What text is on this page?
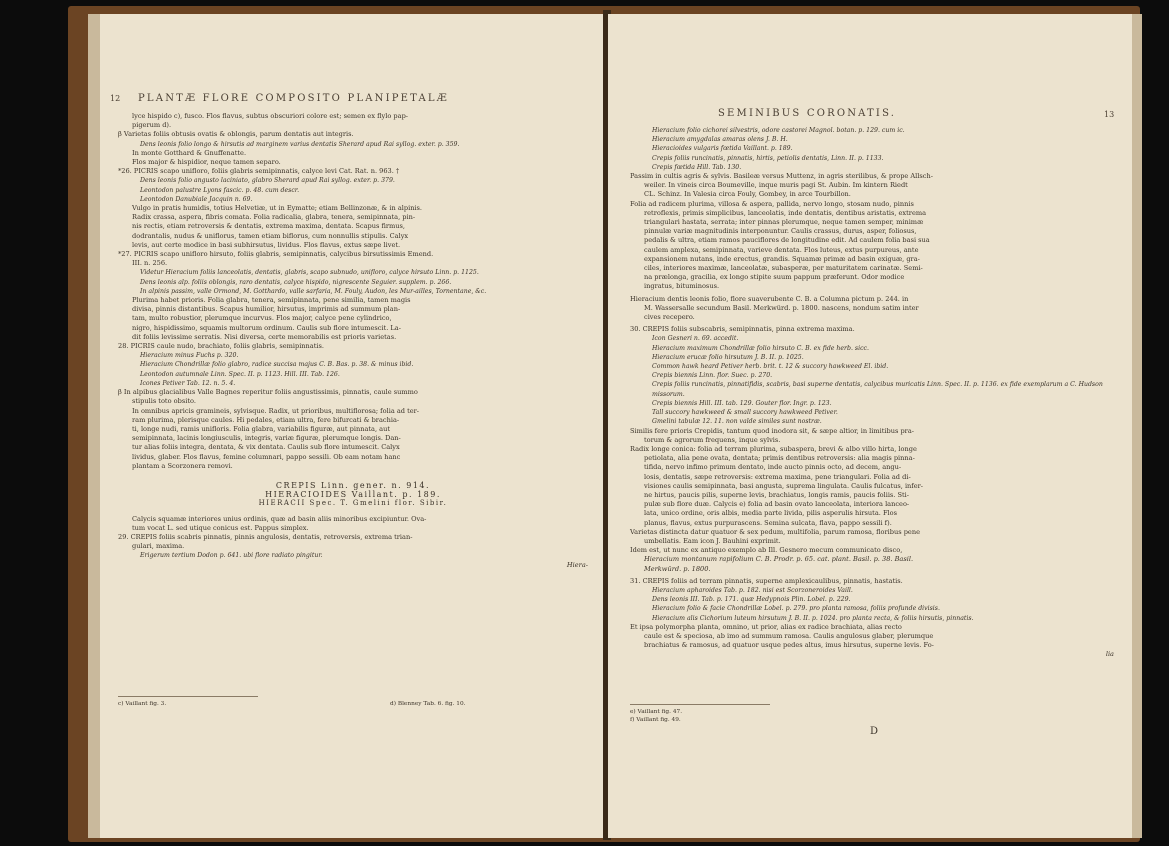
12 PLANTÆ FLORE COMPOSITO PLANIPETALÆ

lyce hispido c), fusco. Flos flavus, subtus obscuriori colore est; semen ex flylo pap-

pigerum d).

β Varietas foliis obtusis ovatis & oblongis, parum dentatis aut integris.

Dens leonis folio longo & hirsutis ad marginem varius dentatis Sherard apud Rai syllog. exter. p. 359.

In monte Gotthard & Gnuffenatte.

Flos major & hispidior, neque tamen separo.

*26. PICRIS scapo unifloro, foliis glabris semipinnatis, calyce levi Cat. Rat. n. 963. †

Dens leonis folio angusto laciniato, glabro Sherard apud Rai syllog. exter. p. 379.

Leontodon palustre Lyons fascic. p. 48. cum descr.

Leontodon Danubiale Jacquin n. 69.

Vulgo in pratis humidis, totius Helvetiæ, ut in Eymatte; etiam Bellinzonæ, & in alpinis.

Radix crassa, aspera, fibris comata. Folia radicalia, glabra, tenera, semipinnata, pin-

nis rectis, etiam retroversis & dentatis, extrema maxima, dentata. Scapus firmus,

dodrantalis, nudus & uniflorus, tamen etiam biflorus, cum nonnullis stipulis. Calyx

levis, aut certe modice in basi subhirsutus, lividus. Flos flavus, extus sæpe livet.

*27. PICRIS scapo unifloro hirsuto, foliis glabris, semipinnatis, calycibus birsutissimis Emend.

III. n. 256.

Videtur Hieracium foliis lanceolatis, dentatis, glabris, scapo subnudo, unifloro, calyce hirsuto Linn. p. 1125.

Dens leonis alp. foliis oblongis, raro dentatis, calyce hispido, nigrescente Seguier. supplem. p. 266.

In alpinis passim, valle Ormond, M. Gotthardo, valle sarfaria, M. Fouly, Audon, les Mur-ailles, Tornentane, &c.

Plurima habet prioris. Folia glabra, tenera, semipinnata, pene similia, tamen magis

divisa, pinnis distantibus. Scapus humilior, hirsutus, imprimis ad summum plan-

tam, multo robustior, plerumque incurvus. Flos major, calyce pene cylindrico,

nigro, hispidissimo, squamis multorum ordinum. Caulis sub flore intumescit. La-

dit foliis levissime serratis. Nisi diversa, certe memorabilis est prioris varietas.

28. PICRIS caule nudo, brachiato, foliis glabris, semipinnatis.

Hieracium minus Fuchs p. 320.

Hieracium Chondrillæ folio glabro, radice succisa majus C. B. Bas. p. 38. & minus ibid.

Leontodon autumnale Linn. Spec. II. p. 1123. Hill. III. Tab. 126.

Icones Petiver Tab. 12. n. 5. 4.

β In alpibus glacialibus Valle Bagnes reperitur foliis angustissimis, pinnatis, caule summo

stipulis toto obsito.

In omnibus apricis gramineis, sylvisque. Radix, ut prioribus, multiflorosa; folia ad ter-

ram plurima, plerisque caules. Hi pedales, etiam ultra, fere bifurcati & brachia-

ti, longe nudi, ramis unifloris. Folia glabra, variabilis figuræ, aut pinnata, aut

semipinnata, lacinis longiusculis, integris, variæ figuræ, plerumque longis. Dan-

tur alias foliis integra, dentata, & vix dentata. Caulis sub flore intumescit. Calyx

lividus, glaber. Flos flavus, femine columnari, pappo sessili. Ob eam notam hanc

plantam a Scorzonera removi.

CREPIS Linn. gener. n. 914.

HIERACIOIDES Vaillant. p. 189.

HIERACII Spec. T. Gmelini flor. Sibir.

Calycis squamæ interiores unius ordinis, quæ ad basin aliis minoribus excipiuntur. Ova-

tum vocat L. sed utique conicus est. Pappus simplex.

29. CREPIS foliis scabris pinnatis, pinnis angulosis, dentatis, retroversis, extrema trian-

gulari, maxima.

Erigerum tertium Dodon p. 641. ubi flore radiato pingitur.

Hiera-

c) Vaillant fig. 3.	d) Blenney Tab. 6. fig. 10.
SEMINIBUS CORONATIS.	13

Hieracium folio cichorei silvestris, odore castorei Magnol. botan. p. 129. cum ic.

Hieracium amygdalas amaras olens J. B. H.

Hieracioides vulgaris fœtida Vaillant. p. 189.

Crepis foliis runcinatis, pinnatis, hirtis, petiolis dentatis, Linn. II. p. 1133.

Crepis fœtida Hill. Tab. 130.

Passim in cultis agris & sylvis. Basileæ versus Muttenz, in agris sterilibus, & prope Allsch-

weiler. In vineis circa Boumeville, inque muris pagi St. Aubin. Im kintern Riedt

CL. Schinz. In Valesia circa Fouly, Gombey, in arce Tourbillon.

Folia ad radicem plurima, villosa & aspera, pallida, nervo longo, stosam nudo, pinnis

retroflexis, primis simplicibus, lanceolatis, inde dentatis, dentibus aristatis, extrema

triangulari hastata, serrata; inter pinnas plerumque, neque tamen semper, minimæ

pinnulæ variæ magnitudinis interponuntur. Caulis crassus, durus, asper, foliosus,

pedalis & ultra, etiam ramos pauciflores de longitudine edit. Ad caulem folia basi sua

caulem amplexa, semipinnata, varieve dentata. Flos luteus, extus purpureus, ante

expansionem nutans, inde erectus, grandis. Squamæ primæ ad basin exiguæ, gra-

ciles, interiores maximæ, lanceolatæ, subasperæ, per maturitatem carinatæ. Semi-

na prælonga, gracilia, ex longo stipite suum pappum præferunt. Odor modice

ingratus, bituminosus.

Hieracium dentis leonis folio, flore suaverubente C. B. a Columna pictum p. 244. in

M. Wassersalle secundum Basil. Merkwürd. p. 1800. nascens, nondum satim inter

cives recepero.

30. CREPIS foliis subscabris, semipinnatis, pinna extrema maxima.

Icon Gesneri n. 69. accedit.

Hieracium maximum Chondrillæ folio hirsuto C. B. ex fide herb. sicc.

Hieracium erucæ folio hirsutum J. B. II. p. 1025.

Common hawk heard Petiver herb. brit. t. 12 & succory hawkweed El. ibid.

Crepis biennis Linn. flor. Suec. p. 270.

Crepis foliis runcinatis, pinnatifidis, scabris, basi superne dentatis, calycibus muricatis Linn. Spec. II. p. 1136. ex fide exemplarum a C. Hudson missorum.

Crepis biennis Hill. III. tab. 129. Gouter flor. Ingr. p. 123.

Tall succory hawkweed & small succory hawkweed Petiver.

Gmelini tabulæ 12. 11. non valde similes sunt nostræ.

Similis fere prioris Crepidis, tantum quod inodora sit, & sæpe altior, in limitibus pra-

torum & agrorum frequens, inque sylvis.

Radix longe conica: folia ad terram plurima, subaspera, brevi & albo villo hirta, longe

petiolata, alia pene ovata, dentata; primis dentibus retroversis: alia magis pinna-

tifida, nervo infimo primum dentato, inde aucto pinnis octo, ad decem, angu-

losis, dentatis, sæpe retroversis: extrema maxima, pene triangulari. Folia ad di-

visiones caulis semipinnata, basi angusta, suprema lingulata. Caulis fulcatus, infer-

ne hirtus, paucis pilis, superne levis, brachiatus, longis ramis, paucis foliis. Sti-

pulæ sub flore duæ. Calycis e) folia ad basin ovato lanceolata, interiora lanceo-

lata, unico ordine, oris albis, media parte livida, pilis asperulis hirsuta. Flos

planus, flavus, extus purpurascens. Semina sulcata, flava, pappo sessili f).

Varietas distincta datur quatuor & sex pedum, multifolia, parum ramosa, floribus pene

umbellatis. Eam icon J. Bauhini exprimit.

Idem est, ut nunc ex antiquo exemplo ab Ill. Gesnero mecum communicato disco,

Hieracium montanum rapifolium C. B. Prodr. p. 65. cat. plant. Basil. p. 38. Basil.

Merkwürd. p. 1800.

31. CREPIS foliis ad terram pinnatis, superne amplexicaulibus, pinnatis, hastatis.

Hieracium apharoides Tab. p. 182. nisi est Scorzoneroides Vaill.

Dens leonis III. Tab. p. 171. quæ Hedypnois Plin. Lobel. p. 229.

Hieracium folio & facie Chondrillæ Lobel. p. 279. pro planta ramosa, foliis profunde divisis.

Hieracium alis Cichorium luteum hirsutum J. B. II. p. 1024. pro planta recta, & foliis hirsutis, pinnatis.

Et ipsa polymorpha planta, omnino, ut prior, alias ex radice brachiata, alias recto

caule est & speciosa, ab imo ad summum ramosa. Caulis angulosus glaber, plerumque

brachiatus & ramosus, ad quatuor usque pedes altus, imus hirsutus, superne levis. Fo-

lia

e) Vaillant fig. 47.
f) Vaillant fig. 49.
D
